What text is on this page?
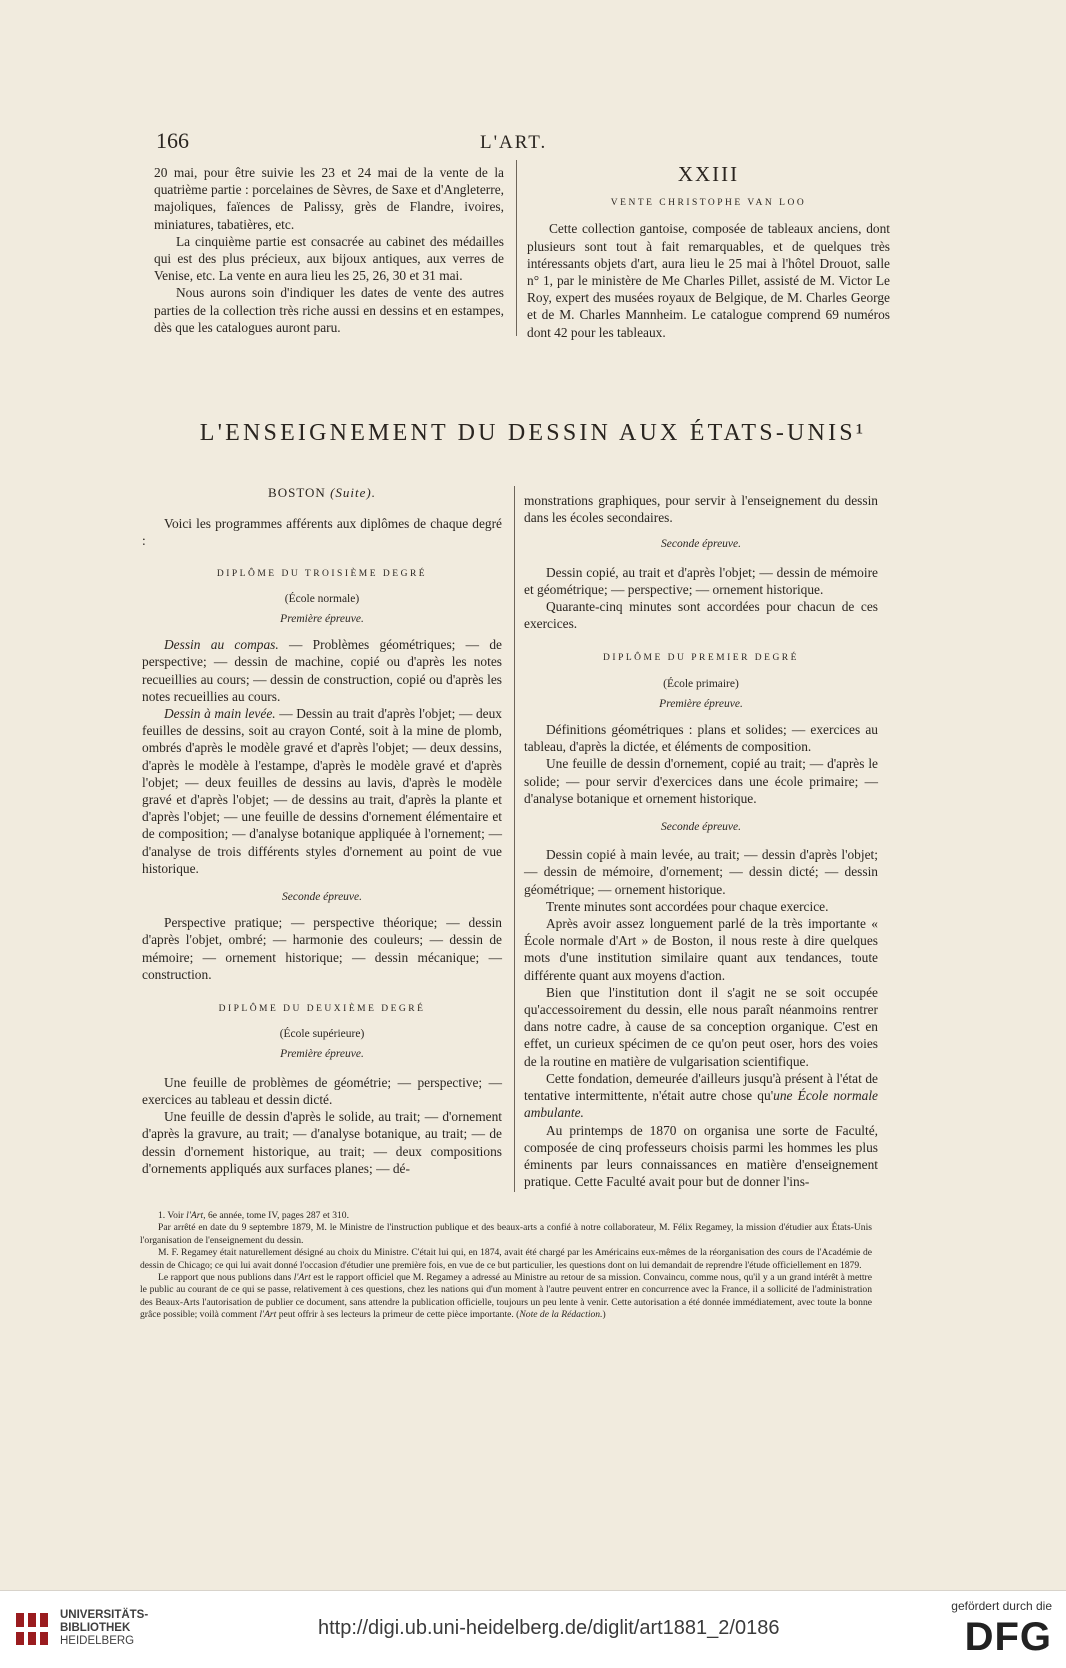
166	L'ART.

20 mai, pour être suivie les 23 et 24 mai de la vente de la quatrième partie : porcelaines de Sèvres, de Saxe et d'Angleterre, majoliques, faïences de Palissy, grès de Flandre, ivoires, miniatures, tabatières, etc.

La cinquième partie est consacrée au cabinet des médailles qui est des plus précieux, aux bijoux antiques, aux verres de Venise, etc. La vente en aura lieu les 25, 26, 30 et 31 mai.

Nous aurons soin d'indiquer les dates de vente des autres parties de la collection très riche aussi en dessins et en estampes, dès que les catalogues auront paru.

XXIII

VENTE CHRISTOPHE VAN LOO

Cette collection gantoise, composée de tableaux anciens, dont plusieurs sont tout à fait remarquables, et de quelques très intéressants objets d'art, aura lieu le 25 mai à l'hôtel Drouot, salle n° 1, par le ministère de Me Charles Pillet, assisté de M. Victor Le Roy, expert des musées royaux de Belgique, de M. Charles George et de M. Charles Mannheim. Le catalogue comprend 69 numéros dont 42 pour les tableaux.

L'ENSEIGNEMENT DU DESSIN AUX ÉTATS-UNIS¹

BOSTON (Suite).

Voici les programmes afférents aux diplômes de chaque degré :

DIPLÔME DU TROISIÈME DEGRÉ

(École normale)

Première épreuve.

Dessin au compas. — Problèmes géométriques; — de perspective; — dessin de machine, copié ou d'après les notes recueillies au cours; — dessin de construction, copié ou d'après les notes recueillies au cours.

Dessin à main levée. — Dessin au trait d'après l'objet; — deux feuilles de dessins, soit au crayon Conté, soit à la mine de plomb, ombrés d'après le modèle gravé et d'après l'objet; — deux dessins, d'après le modèle à l'estampe, d'après le modèle gravé et d'après l'objet; — deux feuilles de dessins au lavis, d'après le modèle gravé et d'après l'objet; — de dessins au trait, d'après la plante et d'après l'objet; — une feuille de dessins d'ornement élémentaire et de composition; — d'analyse botanique appliquée à l'ornement; — d'analyse de trois différents styles d'ornement au point de vue historique.

Seconde épreuve.

Perspective pratique; — perspective théorique; — dessin d'après l'objet, ombré; — harmonie des couleurs; — dessin de mémoire; — ornement historique; — dessin mécanique; — construction.

DIPLÔME DU DEUXIÈME DEGRÉ

(École supérieure)

Première épreuve.

Une feuille de problèmes de géométrie; — perspective; — exercices au tableau et dessin dicté.

Une feuille de dessin d'après le solide, au trait; — d'ornement d'après la gravure, au trait; — d'analyse botanique, au trait; — de dessin d'ornement historique, au trait; — deux compositions d'ornements appliqués aux surfaces planes; — dé-

monstrations graphiques, pour servir à l'enseignement du dessin dans les écoles secondaires.

Seconde épreuve.

Dessin copié, au trait et d'après l'objet; — dessin de mémoire et géométrique; — perspective; — ornement historique.

Quarante-cinq minutes sont accordées pour chacun de ces exercices.

DIPLÔME DU PREMIER DEGRÉ

(École primaire)

Première épreuve.

Définitions géométriques : plans et solides; — exercices au tableau, d'après la dictée, et éléments de composition.

Une feuille de dessin d'ornement, copié au trait; — d'après le solide; — pour servir d'exercices dans une école primaire; — d'analyse botanique et ornement historique.

Seconde épreuve.

Dessin copié à main levée, au trait; — dessin d'après l'objet; — dessin de mémoire, d'ornement; — dessin dicté; — dessin géométrique; — ornement historique.

Trente minutes sont accordées pour chaque exercice.

Après avoir assez longuement parlé de la très importante « École normale d'Art » de Boston, il nous reste à dire quelques mots d'une institution similaire quant aux tendances, toute différente quant aux moyens d'action.

Bien que l'institution dont il s'agit ne se soit occupée qu'accessoirement du dessin, elle nous paraît néanmoins rentrer dans notre cadre, à cause de sa conception organique. C'est en effet, un curieux spécimen de ce qu'on peut oser, hors des voies de la routine en matière de vulgarisation scientifique.

Cette fondation, demeurée d'ailleurs jusqu'à présent à l'état de tentative intermittente, n'était autre chose qu'une École normale ambulante.

Au printemps de 1870 on organisa une sorte de Faculté, composée de cinq professeurs choisis parmi les hommes les plus éminents par leurs connaissances en matière d'enseignement pratique. Cette Faculté avait pour but de donner l'ins-

1. Voir l'Art, 6e année, tome IV, pages 287 et 310.

Par arrêté en date du 9 septembre 1879, M. le Ministre de l'instruction publique et des beaux-arts a confié à notre collaborateur, M. Félix Regamey, la mission d'étudier aux États-Unis l'organisation de l'enseignement du dessin.

M. F. Regamey était naturellement désigné au choix du Ministre. C'était lui qui, en 1874, avait été chargé par les Américains eux-mêmes de la réorganisation des cours de l'Académie de dessin de Chicago; ce qui lui avait donné l'occasion d'étudier une première fois, en vue de ce but particulier, les questions dont on lui demandait de reprendre l'étude officiellement en 1879.

Le rapport que nous publions dans l'Art est le rapport officiel que M. Regamey a adressé au Ministre au retour de sa mission. Convaincu, comme nous, qu'il y a un grand intérêt à mettre le public au courant de ce qui se passe, relativement à ces questions, chez les nations qui d'un moment à l'autre peuvent entrer en concurrence avec la France, il a sollicité de l'administration des Beaux-Arts l'autorisation de publier ce document, sans attendre la publication officielle, toujours un peu lente à venir. Cette autorisation a été donnée immédiatement, avec toute la bonne grâce possible; voilà comment l'Art peut offrir à ses lecteurs la primeur de cette pièce importante. (Note de la Rédaction.)

UNIVERSITÄTS-
BIBLIOTHEK
HEIDELBERG
http://digi.ub.uni-heidelberg.de/diglit/art1881_2/0186
gefördert durch die
DFG
